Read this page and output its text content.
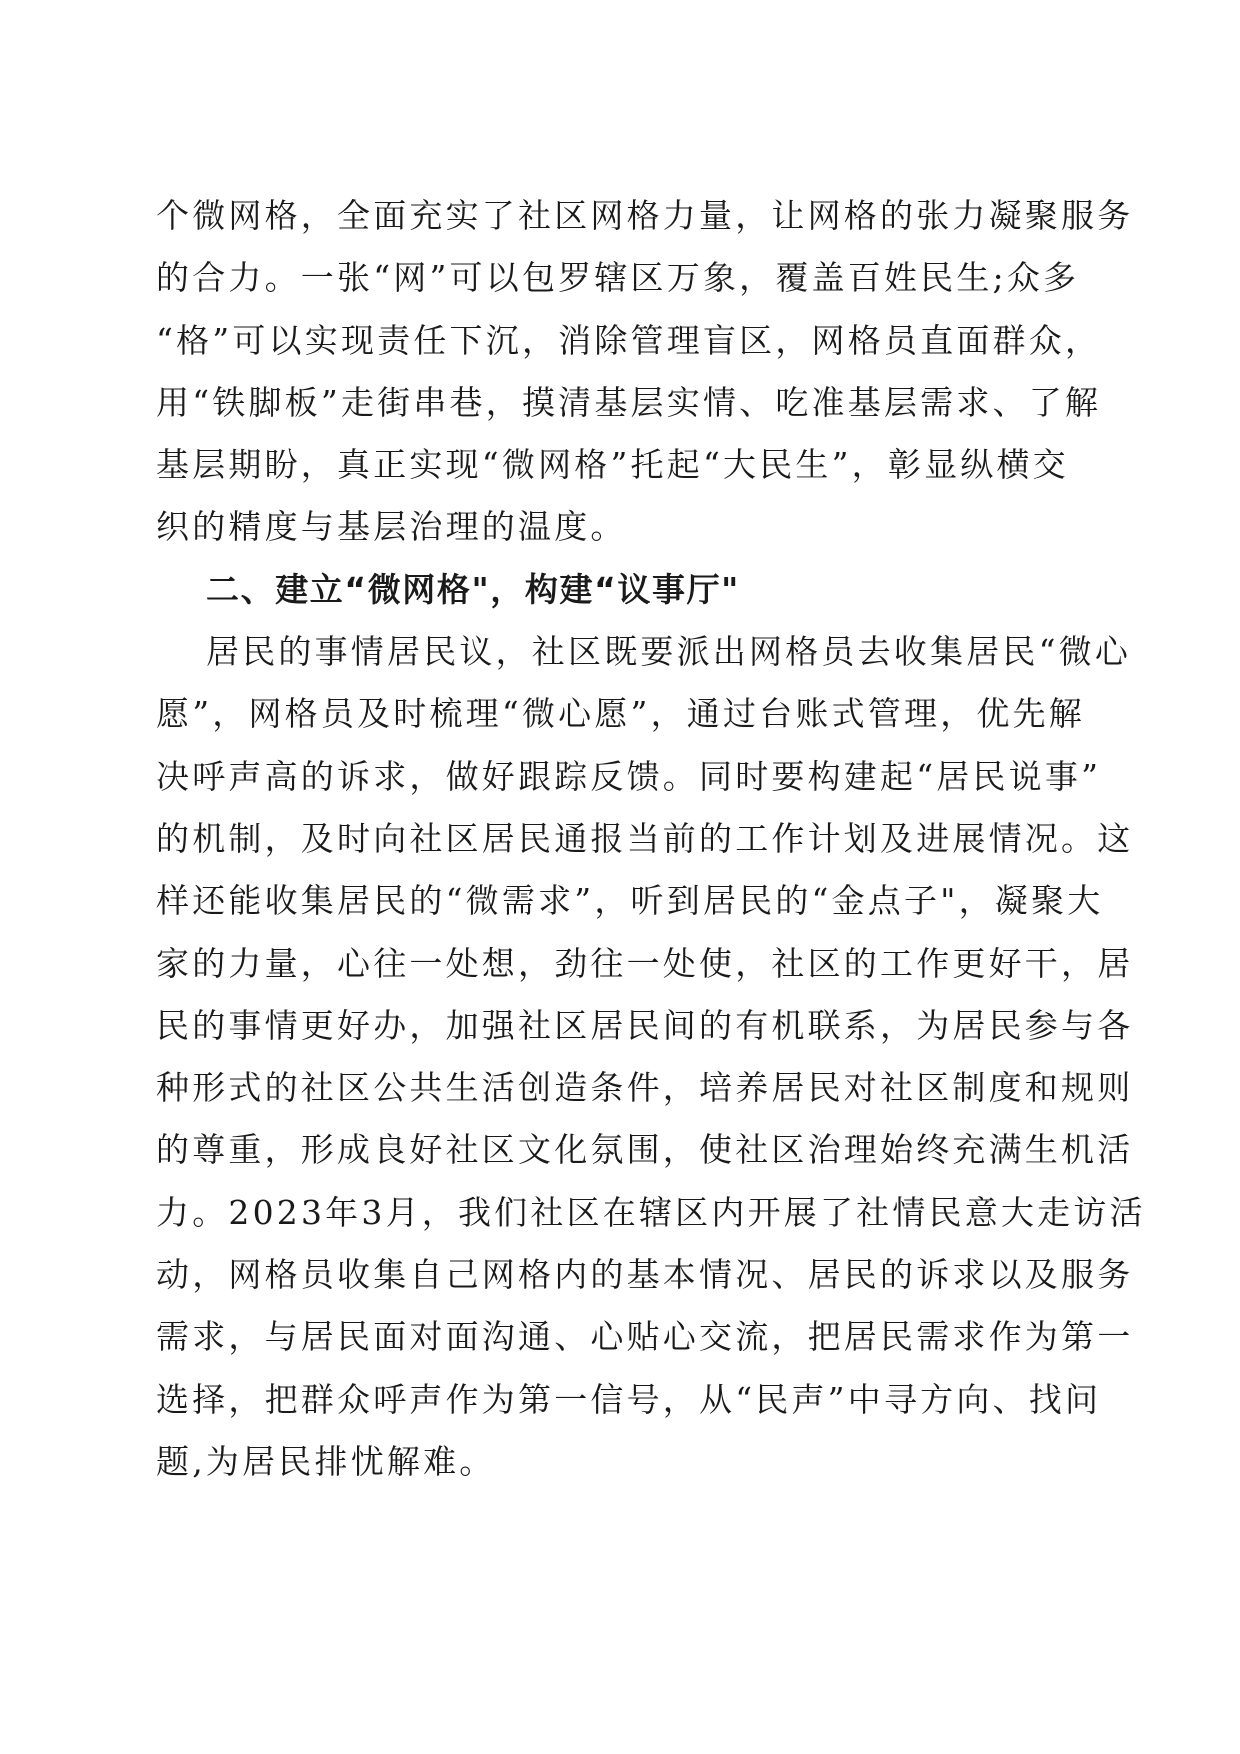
个微网格，全面充实了社区网格力量，让网格的张力凝聚服务
的合力。一张“网”可以包罗辖区万象，覆盖百姓民生;众多
“格”可以实现责任下沉，消除管理盲区，网格员直面群众，
用“铁脚板”走街串巷，摸清基层实情、吃准基层需求、了解
基层期盼，真正实现“微网格”托起“大民生”，彰显纵横交
织的精度与基层治理的温度。
二、建立“微网格"，构建“议事厅"
居民的事情居民议，社区既要派出网格员去收集居民“微心
愿”，网格员及时梳理“微心愿”，通过台账式管理，优先解
决呼声高的诉求，做好跟踪反馈。同时要构建起“居民说事”
的机制，及时向社区居民通报当前的工作计划及进展情况。这
样还能收集居民的“微需求”，听到居民的“金点子"，凝聚大
家的力量，心往一处想，劲往一处使，社区的工作更好干，居
民的事情更好办，加强社区居民间的有机联系，为居民参与各
种形式的社区公共生活创造条件，培养居民对社区制度和规则
的尊重，形成良好社区文化氛围，使社区治理始终充满生机活
力。2023年3月，我们社区在辖区内开展了社情民意大走访活
动，网格员收集自己网格内的基本情况、居民的诉求以及服务
需求，与居民面对面沟通、心贴心交流，把居民需求作为第一
选择，把群众呼声作为第一信号，从“民声”中寻方向、找问
题,为居民排忧解难。
